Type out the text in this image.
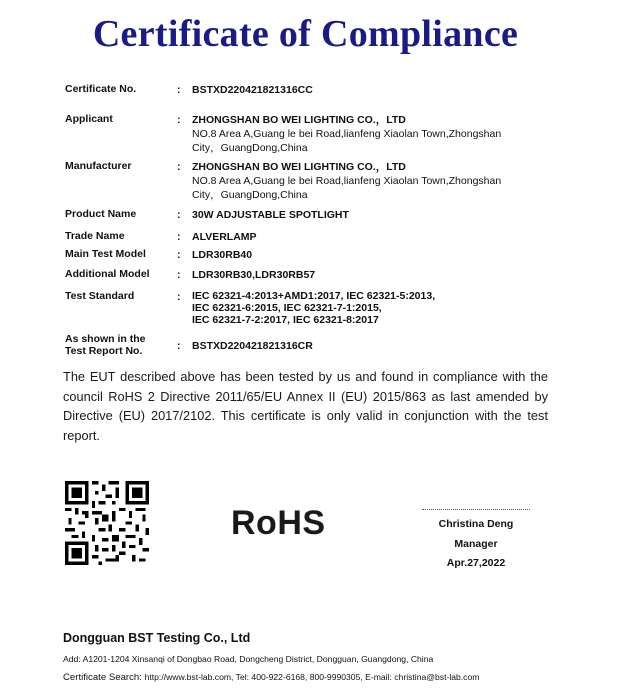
Certificate of Compliance
Certificate No.	: BSTXD220421821316CC
Applicant	: ZHONGSHAN BO WEI LIGHTING CO.，LTD
NO.8 Area A,Guang le bei Road,lianfeng Xiaolan Town,Zhongshan
City，GuangDong,China
Manufacturer	: ZHONGSHAN BO WEI LIGHTING CO.，LTD
NO.8 Area A,Guang le bei Road,lianfeng Xiaolan Town,Zhongshan
City，GuangDong,China
Product Name	: 30W ADJUSTABLE SPOTLIGHT
Trade Name	: ALVERLAMP
Main Test Model	: LDR30RB40
Additional Model	: LDR30RB30,LDR30RB57
Test Standard	: IEC 62321-4:2013+AMD1:2017, IEC 62321-5:2013,
IEC 62321-6:2015, IEC 62321-7-1:2015,
IEC 62321-7-2:2017, IEC 62321-8:2017
As shown in the
Test Report No.	: BSTXD220421821316CR
The EUT described above has been tested by us and found in compliance with the council RoHS 2 Directive 2011/65/EU Annex II (EU) 2015/863 as last amended by Directive (EU) 2017/2102. This certificate is only valid in conjunction with the test report.
RoHS	Christina Deng
Manager
Apr.27,2022
Dongguan BST Testing Co., Ltd
Add: A1201-1204 Xinsanqi of Dongbao Road, Dongcheng District, Dongguan, Guangdong, China
Certificate Search: http://www.bst-lab.com, Tel: 400-922-6168, 800-9990305, E-mail: christina@bst-lab.com
